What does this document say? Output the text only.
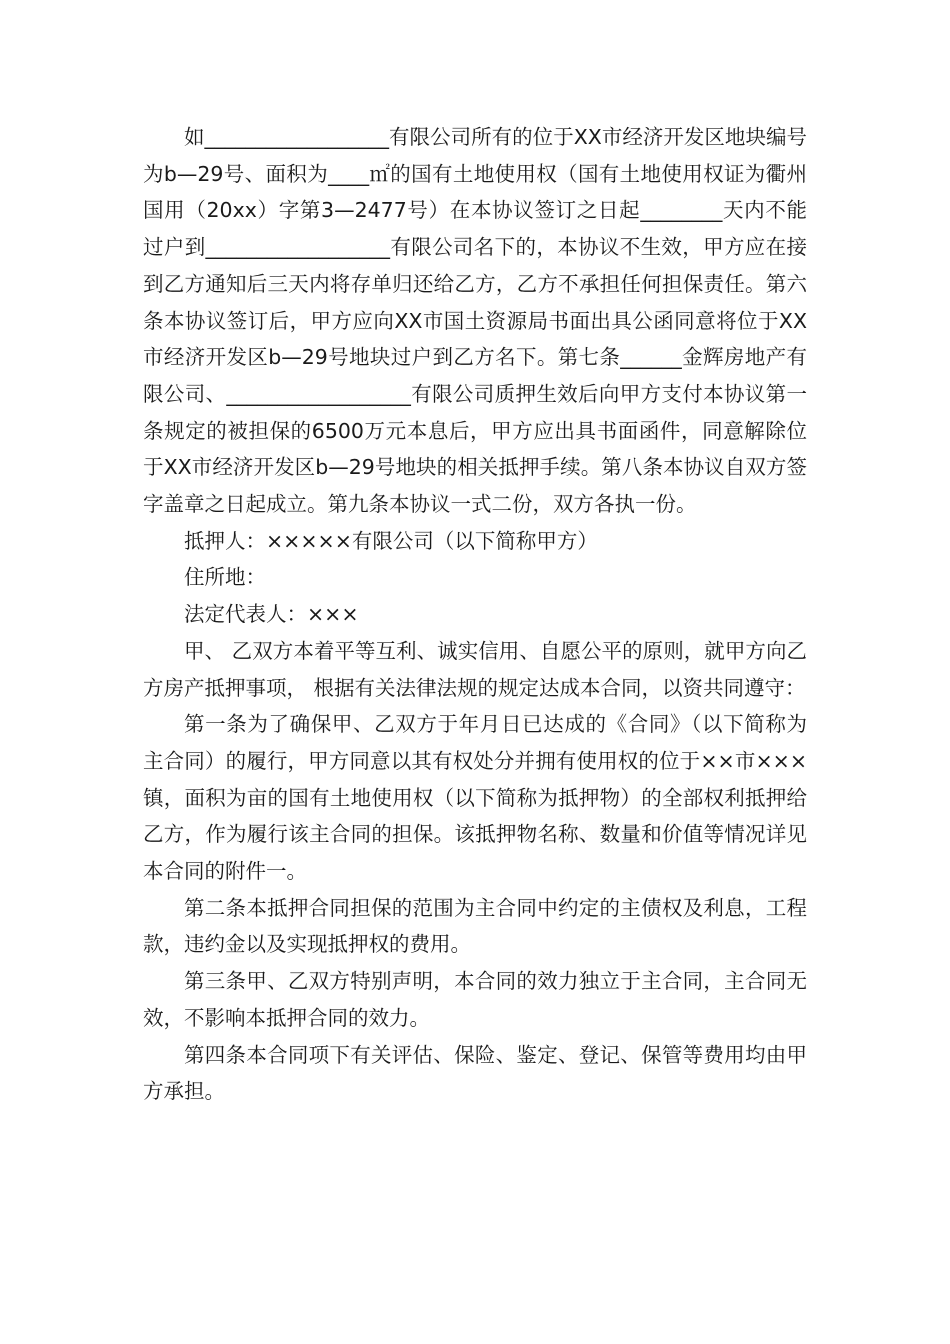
如__________________有限公司所有的位于XX市经济开发区地块编号为b—29号、面积为____㎡的国有土地使用权（国有土地使用权证为衢州国用（20xx）字第3—2477号）在本协议签订之日起________天内不能过户到__________________有限公司名下的，本协议不生效，甲方应在接到乙方通知后三天内将存单归还给乙方，乙方不承担任何担保责任。第六条本协议签订后，甲方应向XX市国土资源局书面出具公函同意将位于XX市经济开发区b—29号地块过户到乙方名下。第七条______金辉房地产有限公司、__________________有限公司质押生效后向甲方支付本协议第一条规定的被担保的6500万元本息后，甲方应出具书面函件，同意解除位于XX市经济开发区b—29号地块的相关抵押手续。第八条本协议自双方签字盖章之日起成立。第九条本协议一式二份，双方各执一份。

抵押人：×××××有限公司（以下简称甲方）

住所地：

法定代表人：×××

甲、 乙双方本着平等互利、诚实信用、自愿公平的原则，就甲方向乙方房产抵押事项， 根据有关法律法规的规定达成本合同，以资共同遵守：

第一条为了确保甲、乙双方于年月日已达成的《合同》（以下简称为主合同）的履行，甲方同意以其有权处分并拥有使用权的位于××市×××镇，面积为亩的国有土地使用权（以下简称为抵押物）的全部权利抵押给乙方，作为履行该主合同的担保。该抵押物名称、数量和价值等情况详见本合同的附件一。

第二条本抵押合同担保的范围为主合同中约定的主债权及利息，工程款，违约金以及实现抵押权的费用。

第三条甲、乙双方特别声明，本合同的效力独立于主合同，主合同无效，不影响本抵押合同的效力。

第四条本合同项下有关评估、保险、鉴定、登记、保管等费用均由甲方承担。
